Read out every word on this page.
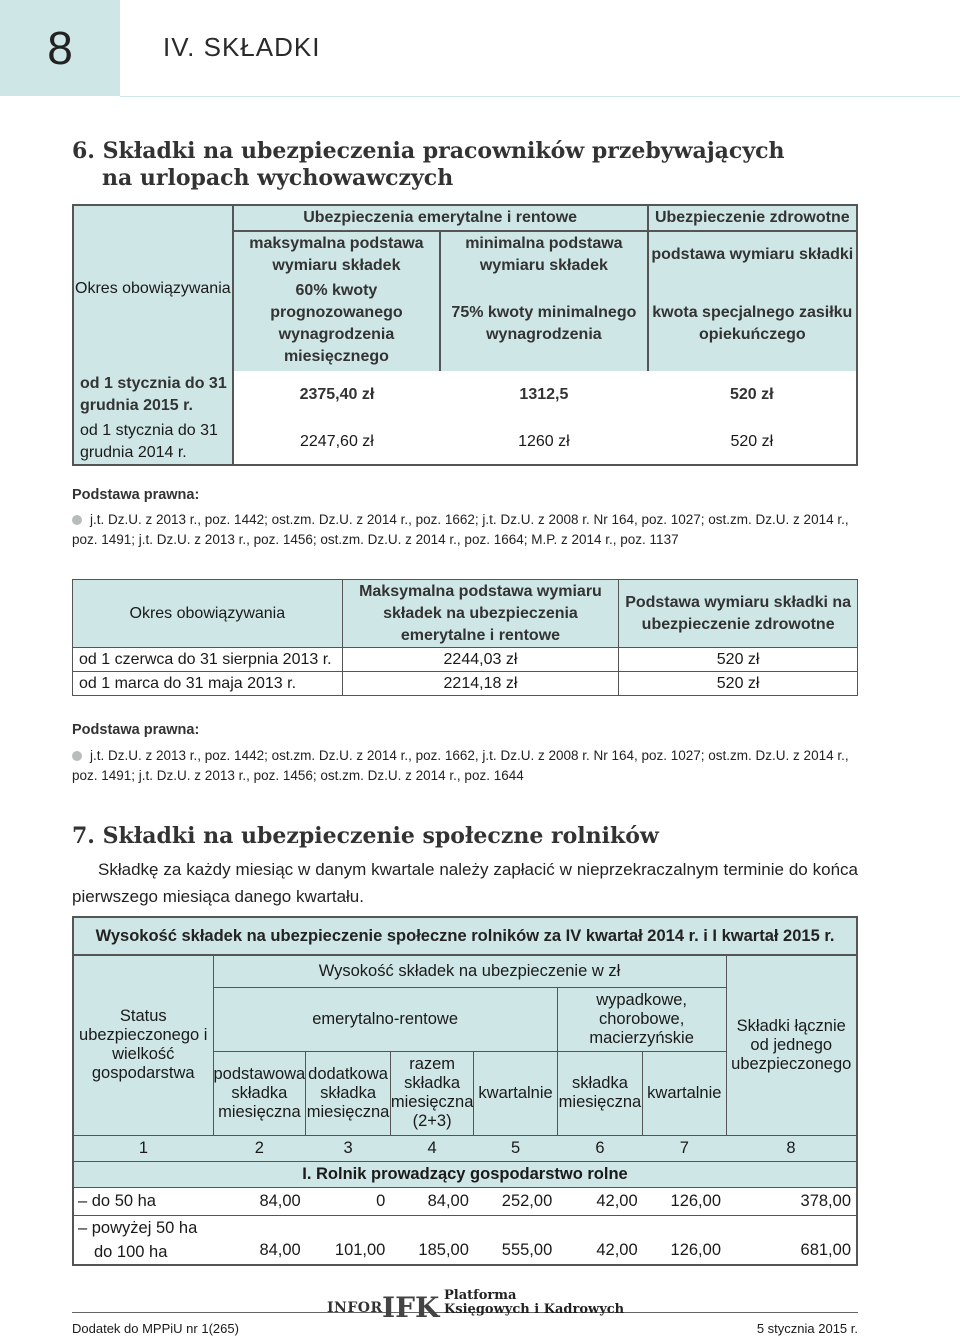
8	IV. SKŁADKI
6. Składki na ubezpieczenia pracowników przebywających
na urlopach wychowawczych
Okres obowiązywania	Ubezpieczenia emerytalne i rentowe		Ubezpieczenie zdrowotne
	maksymalna podstawa wymiaru składek	minimalna podstawa wymiaru składek	podstawa wymiaru składki
	60% kwoty prognozowanego wynagrodzenia miesięcznego	75% kwoty minimalnego wynagrodzenia	kwota specjalnego zasiłku opiekuńczego

od 1 stycznia do 31 grudnia 2015 r.	2375,40 zł	1312,5	520 zł
od 1 stycznia do 31 grudnia 2014 r.	2247,60 zł	1260 zł	520 zł
Podstawa prawna:
j.t. Dz.U. z 2013 r., poz. 1442; ost.zm. Dz.U. z 2014 r., poz. 1662; j.t. Dz.U. z 2008 r. Nr 164, poz. 1027; ost.zm. Dz.U. z 2014 r., poz. 1491; j.t. Dz.U. z 2013 r., poz. 1456; ost.zm. Dz.U. z 2014 r., poz. 1664; M.P. z 2014 r., poz. 1137
Okres obowiązywania	Maksymalna podstawa wymiaru składek na ubezpieczenia emerytalne i rentowe	Podstawa wymiaru składki na ubezpieczenie zdrowotne
od 1 czerwca do 31 sierpnia 2013 r.	2244,03 zł	520 zł
od 1 marca do 31 maja 2013 r.	2214,18 zł	520 zł
Podstawa prawna:
j.t. Dz.U. z 2013 r., poz. 1442; ost.zm. Dz.U. z 2014 r., poz. 1662, j.t. Dz.U. z 2008 r. Nr 164, poz. 1027; ost.zm. Dz.U. z 2014 r., poz. 1491; j.t. Dz.U. z 2013 r., poz. 1456; ost.zm. Dz.U. z 2014 r., poz. 1644
7. Składki na ubezpieczenie społeczne rolników
Składkę za każdy miesiąc w danym kwartale należy zapłacić w nieprzekraczalnym terminie do końca pierwszego miesiąca danego kwartału.
Wysokość składek na ubezpieczenie społeczne rolników za IV kwartał 2014 r. i I kwartał 2015 r.							
Status ubezpieczonego i wielkość gospodarstwa	Wysokość składek na ubezpieczenie w zł						Składki łącznie od jednego ubezpieczonego
	emerytalno-rentowe				wypadkowe, chorobowe, macierzyńskie		
	podstawowa składka miesięczna	dodatkowa składka miesięczna	razem składka miesięczna (2+3)	kwartalnie	składka miesięczna	kwartalnie	
1	2	3	4	5	6	7	8
I. Rolnik prowadzący gospodarstwo rolne							
– do 50 ha	84,00	0	84,00	252,00	42,00	126,00	378,00
– powyżej 50 ha
do 100 ha	84,00	101,00	185,00	555,00	42,00	126,00	681,00
Dodatek do MPPiU nr 1(265)
INFOR IFK Platforma
Księgowych i Kadrowych
5 stycznia 2015 r.
